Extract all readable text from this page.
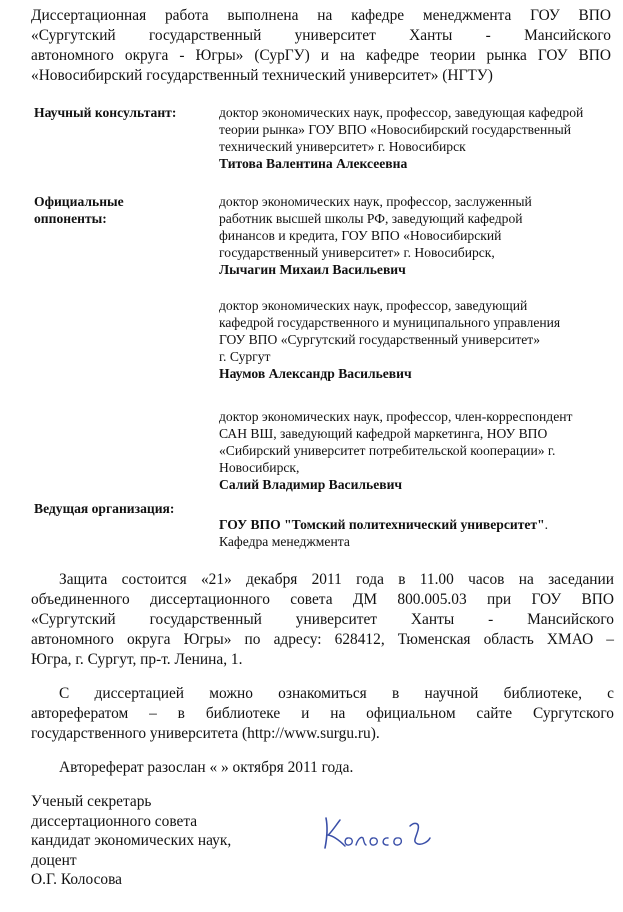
Диссертационная работа выполнена на кафедре менеджмента ГОУ ВПО
«Сургутский государственный университет Ханты - Мансийского
автономного округа - Югры» (СурГУ) и на кафедре теории рынка ГОУ ВПО
«Новосибирский государственный технический университет» (НГТУ)
Научный консультант:	доктор экономических наук, профессор, заведующая кафедрой
теории рынка» ГОУ ВПО «Новосибирский государственный
технический университет» г. Новосибирск
Титова Валентина Алексеевна
Официальные
оппоненты:
доктор экономических наук, профессор, заслуженный
работник высшей школы РФ, заведующий кафедрой
финансов и кредита, ГОУ ВПО «Новосибирский
государственный университет» г. Новосибирск,
Лычагин Михаил Васильевич
доктор экономических наук, профессор, заведующий
кафедрой государственного и муниципального управления
ГОУ ВПО «Сургутский государственный университет»
г. Сургут
Наумов Александр Васильевич
доктор экономических наук, профессор, член-корреспондент
САН ВШ, заведующий кафедрой маркетинга, НОУ ВПО
«Сибирский университет потребительской кооперации» г.
Новосибирск,
Салий Владимир Васильевич
Ведущая организация:
ГОУ ВПО "Томский политехнический университет".
Кафедра менеджмента
Защита состоится «21» декабря 2011 года в 11.00 часов на заседании
объединенного диссертационного совета ДМ 800.005.03 при ГОУ ВПО
«Сургутский государственный университет Ханты - Мансийского
автономного округа Югры» по адресу: 628412, Тюменская область ХМАО –
Югра, г. Сургут, пр-т. Ленина, 1.
С диссертацией можно ознакомиться в научной библиотеке, с
авторефератом – в библиотеке и на официальном сайте Сургутского
государственного университета (http://www.surgu.ru).
Автореферат разослан « » октября 2011 года.
Ученый секретарь
диссертационного совета
кандидат экономических наук,
доцент
О.Г. Колосова
